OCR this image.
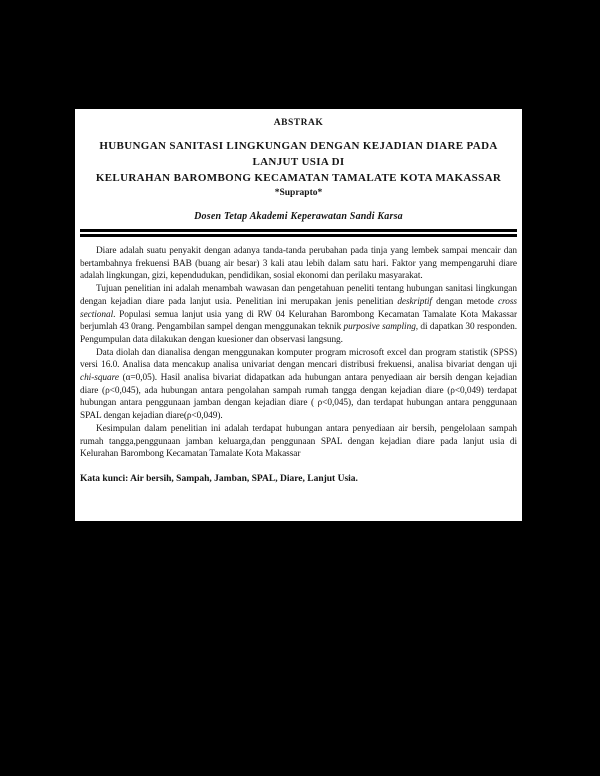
ABSTRAK
HUBUNGAN SANITASI LINGKUNGAN DENGAN KEJADIAN DIARE PADA LANJUT USIA DI
KELURAHAN BAROMBONG KECAMATAN TAMALATE KOTA MAKASSAR
*Suprapto*
Dosen Tetap Akademi Keperawatan Sandi Karsa

Diare adalah suatu penyakit dengan adanya tanda-tanda perubahan pada tinja yang lembek sampai mencair dan bertambahnya frekuensi BAB (buang air besar) 3 kali atau lebih dalam satu hari. Faktor yang mempengaruhi diare adalah lingkungan, gizi, kependudukan, pendidikan, sosial ekonomi dan perilaku masyarakat.

Tujuan penelitian ini adalah menambah wawasan dan pengetahuan peneliti tentang hubungan sanitasi lingkungan dengan kejadian diare pada lanjut usia. Penelitian ini merupakan jenis penelitian deskriptif dengan metode cross sectional. Populasi semua lanjut usia yang di RW 04 Kelurahan Barombong Kecamatan Tamalate Kota Makassar berjumlah 43 0rang. Pengambilan sampel dengan menggunakan teknik purposive sampling, di dapatkan 30 responden. Pengumpulan data dilakukan dengan kuesioner dan observasi langsung.

Data diolah dan dianalisa dengan menggunakan komputer program microsoft excel dan program statistik (SPSS) versi 16.0. Analisa data mencakup analisa univariat dengan mencari distribusi frekuensi, analisa bivariat dengan uji chi-square (α=0,05). Hasil analisa bivariat didapatkan ada hubungan antara penyediaan air bersih dengan kejadian diare (ρ<0,045), ada hubungan antara pengolahan sampah rumah tangga dengan kejadian diare (ρ<0,049) terdapat hubungan antara penggunaan jamban dengan kejadian diare ( ρ<0,045), dan terdapat hubungan antara penggunaan SPAL dengan kejadian diare(ρ<0,049).

Kesimpulan dalam penelitian ini adalah terdapat hubungan antara penyediaan air bersih, pengelolaan sampah rumah tangga,penggunaan jamban keluarga,dan penggunaan SPAL dengan kejadian diare pada lanjut usia di Kelurahan Barombong Kecamatan Tamalate Kota Makassar

Kata kunci: Air bersih, Sampah, Jamban, SPAL, Diare, Lanjut Usia.
